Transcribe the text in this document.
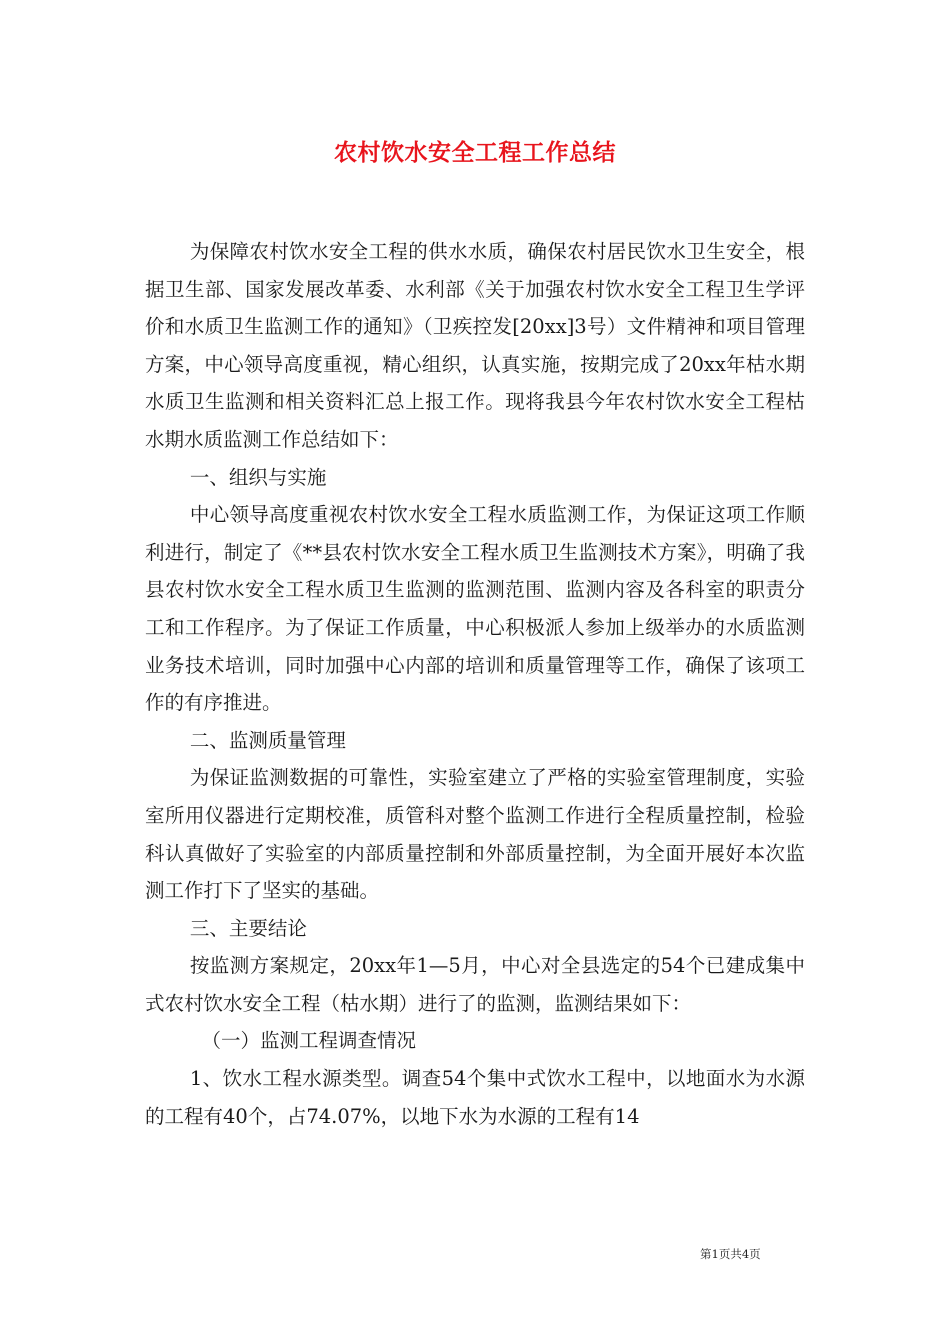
农村饮水安全工程工作总结

为保障农村饮水安全工程的供水水质，确保农村居民饮水卫生安全，根据卫生部、国家发展改革委、水利部《关于加强农村饮水安全工程卫生学评价和水质卫生监测工作的通知》（卫疾控发[20xx]3号）文件精神和项目管理方案，中心领导高度重视，精心组织，认真实施，按期完成了20xx年枯水期水质卫生监测和相关资料汇总上报工作。现将我县今年农村饮水安全工程枯水期水质监测工作总结如下：

一、组织与实施

中心领导高度重视农村饮水安全工程水质监测工作，为保证这项工作顺利进行，制定了《**县农村饮水安全工程水质卫生监测技术方案》，明确了我县农村饮水安全工程水质卫生监测的监测范围、监测内容及各科室的职责分工和工作程序。为了保证工作质量，中心积极派人参加上级举办的水质监测业务技术培训，同时加强中心内部的培训和质量管理等工作，确保了该项工作的有序推进。

二、监测质量管理

为保证监测数据的可靠性，实验室建立了严格的实验室管理制度，实验室所用仪器进行定期校准，质管科对整个监测工作进行全程质量控制，检验科认真做好了实验室的内部质量控制和外部质量控制，为全面开展好本次监测工作打下了坚实的基础。

三、主要结论

按监测方案规定，20xx年1—5月，中心对全县选定的54个已建成集中式农村饮水安全工程（枯水期）进行了的监测，监测结果如下：

（一）监测工程调查情况

1、饮水工程水源类型。调查54个集中式饮水工程中，以地面水为水源的工程有40个，占74.07%，以地下水为水源的工程有14

第1页共4页
